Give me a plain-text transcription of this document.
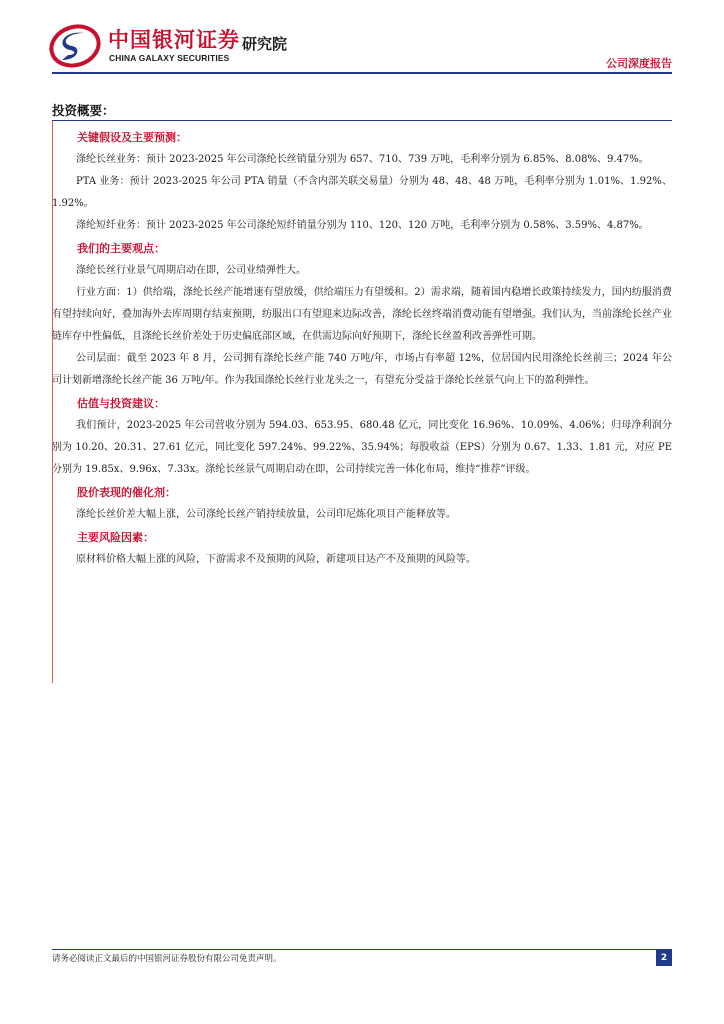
中国银河证券
CHINA GALAXY SECURITIES
研究院
公司深度报告
投资概要：
关键假设及主要预测：
涤纶长丝业务：预计 2023-2025 年公司涤纶长丝销量分别为 657、710、739 万吨，毛利率分别为 6.85%、8.08%、9.47%。
PTA 业务：预计 2023-2025 年公司 PTA 销量（不含内部关联交易量）分别为 48、48、48 万吨，毛利率分别为 1.01%、1.92%、1.92%。
涤纶短纤业务：预计 2023-2025 年公司涤纶短纤销量分别为 110、120、120 万吨，毛利率分别为 0.58%、3.59%、4.87%。
我们的主要观点：
涤纶长丝行业景气周期启动在即，公司业绩弹性大。
行业方面：1）供给端，涤纶长丝产能增速有望放缓，供给端压力有望缓和。2）需求端，随着国内稳增长政策持续发力，国内纺服消费有望持续向好，叠加海外去库周期存结束预期，纺服出口有望迎来边际改善，涤纶长丝终端消费动能有望增强。我们认为，当前涤纶长丝产业链库存中性偏低，且涤纶长丝价差处于历史偏底部区域，在供需边际向好预期下，涤纶长丝盈利改善弹性可期。
公司层面：截至 2023 年 8 月，公司拥有涤纶长丝产能 740 万吨/年，市场占有率超 12%，位居国内民用涤纶长丝前三；2024 年公司计划新增涤纶长丝产能 36 万吨/年。作为我国涤纶长丝行业龙头之一，有望充分受益于涤纶长丝景气向上下的盈利弹性。
估值与投资建议：
我们预计，2023-2025 年公司营收分别为 594.03、653.95、680.48 亿元，同比变化 16.96%、10.09%、4.06%；归母净利润分别为 10.20、20.31、27.61 亿元，同比变化 597.24%、99.22%、35.94%；每股收益（EPS）分别为 0.67、1.33、1.81 元，对应 PE 分别为 19.85x、9.96x、7.33x。涤纶长丝景气周期启动在即，公司持续完善一体化布局，维持“推荐”评级。
股价表现的催化剂：
涤纶长丝价差大幅上涨，公司涤纶长丝产销持续放量，公司印尼炼化项目产能释放等。
主要风险因素：
原材料价格大幅上涨的风险，下游需求不及预期的风险，新建项目达产不及预期的风险等。
请务必阅读正文最后的中国银河证券股份有限公司免责声明。	2
